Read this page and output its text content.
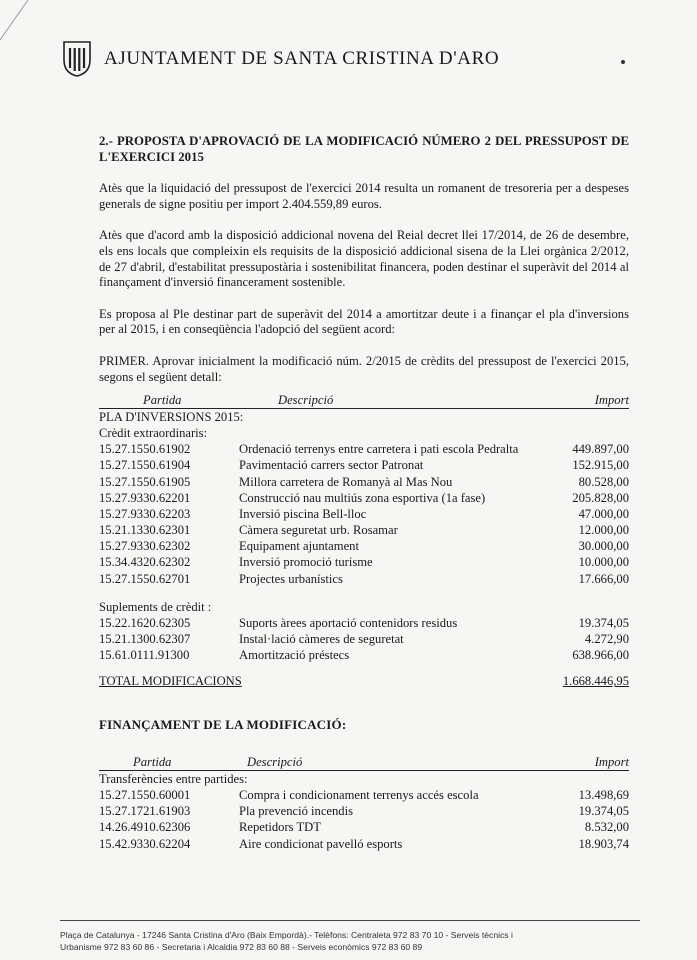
AJUNTAMENT DE SANTA CRISTINA D'ARO

2.- PROPOSTA D'APROVACIÓ DE LA MODIFICACIÓ NÚMERO 2 DEL PRESSUPOST DE L'EXERCICI 2015

Atès que la liquidació del pressupost de l'exercici 2014 resulta un romanent de tresoreria per a despeses generals de signe positiu per import 2.404.559,89 euros.

Atès que d'acord amb la disposició addicional novena del Reial decret llei 17/2014, de 26 de desembre, els ens locals que compleixin els requisits de la disposició addicional sisena de la Llei orgànica 2/2012, de 27 d'abril, d'estabilitat pressupostària i sostenibilitat financera, poden destinar el superàvit del 2014 al finançament d'inversió financerament sostenible.

Es proposa al Ple destinar part de superàvit del 2014 a amortitzar deute i a finançar el pla d'inversions per al 2015, i en conseqüència l'adopció del següent acord:

PRIMER. Aprovar inicialment la modificació núm. 2/2015 de crèdits del pressupost de l'exercici 2015, segons el següent detall:

Partida	Descripció	Import
PLA D'INVERSIONS 2015:
Crèdit extraordinaris:
15.27.1550.61902	Ordenació terrenys entre carretera i pati escola Pedralta	449.897,00
15.27.1550.61904	Pavimentació carrers sector Patronat	152.915,00
15.27.1550.61905	Millora carretera de Romanyà al Mas Nou	80.528,00
15.27.9330.62201	Construcció nau multiús zona esportiva (1a fase)	205.828,00
15.27.9330.62203	Inversió piscina Bell-lloc	47.000,00
15.21.1330.62301	Càmera seguretat urb. Rosamar	12.000,00
15.27.9330.62302	Equipament ajuntament	30.000,00
15.34.4320.62302	Inversió promoció turisme	10.000,00
15.27.1550.62701	Projectes urbanístics	17.666,00
Suplements de crèdit :
15.22.1620.62305	Suports àrees aportació contenidors residus	19.374,05
15.21.1300.62307	Instal·lació càmeres de seguretat	4.272,90
15.61.0111.91300	Amortització préstecs	638.966,00
TOTAL MODIFICACIONS	1.668.446,95
FINANÇAMENT DE LA MODIFICACIÓ:
Partida	Descripció	Import
Transferències entre partides:
15.27.1550.60001	Compra i condicionament terrenys accés escola	13.498,69
15.27.1721.61903	Pla prevenció incendis	19.374,05
14.26.4910.62306	Repetidors TDT	8.532,00
15.42.9330.62204	Aire condicionat pavelló esports	18.903,74
Plaça de Catalunya - 17246 Santa Cristina d'Aro (Baix Empordà).- Telèfons: Centraleta 972 83 70 10 - Serveis tècnics i
Urbanisme 972 83 60 86 - Secretaria i Alcaldia 972 83 60 88 - Serveis econòmics 972 83 60 89
